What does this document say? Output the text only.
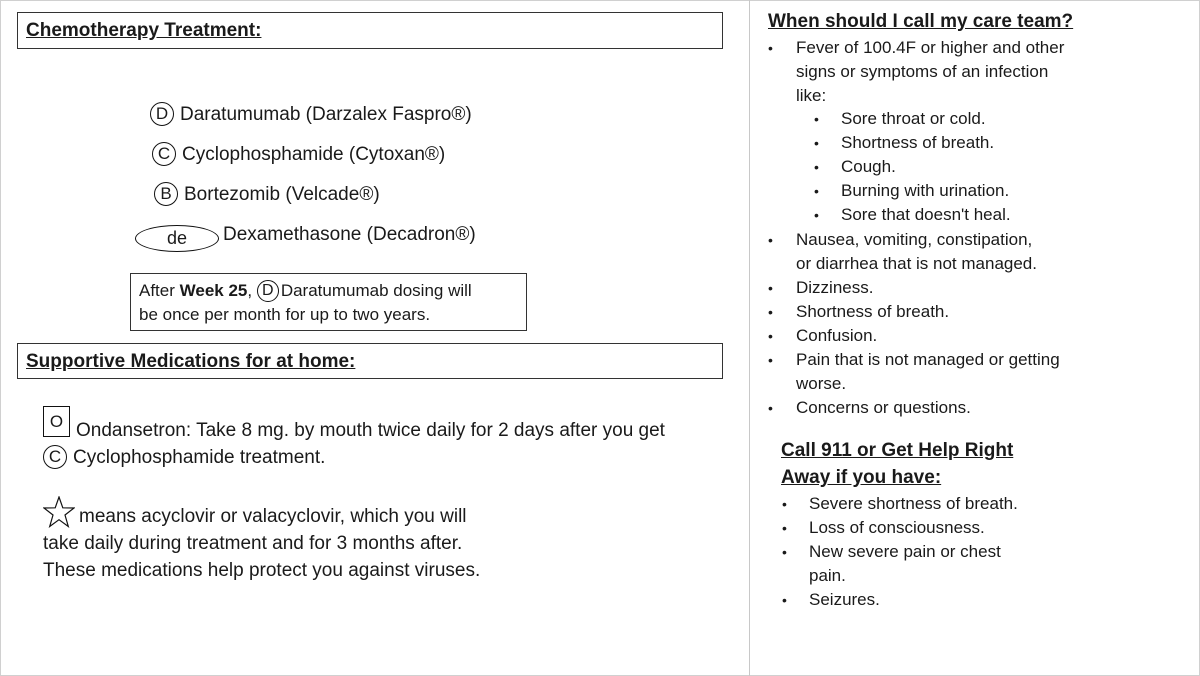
Chemotherapy Treatment:
D Daratumumab (Darzalex Faspro®)
C Cyclophosphamide (Cytoxan®)
B Bortezomib (Velcade®)
de	Dexamethasone (Decadron®)
After Week 25, D Daratumumab dosing will
be once per month for up to two years.
Supportive Medications for at home:
O Ondansetron: Take 8 mg. by mouth twice daily for 2 days after you get
C Cyclophosphamide treatment.
means acyclovir or valacyclovir, which you will
take daily during treatment and for 3 months after.
These medications help protect you against viruses.
When should I call my care team?
• Fever of 100.4F or higher and other
signs or symptoms of an infection
like:
• Sore throat or cold.
• Shortness of breath.
• Cough.
• Burning with urination.
• Sore that doesn't heal.
• Nausea, vomiting, constipation,
or diarrhea that is not managed.
• Dizziness.
• Shortness of breath.
• Confusion.
• Pain that is not managed or getting
worse.
• Concerns or questions.
Call 911 or Get Help Right
Away if you have:
• Severe shortness of breath.
• Loss of consciousness.
• New severe pain or chest
pain.
• Seizures.
